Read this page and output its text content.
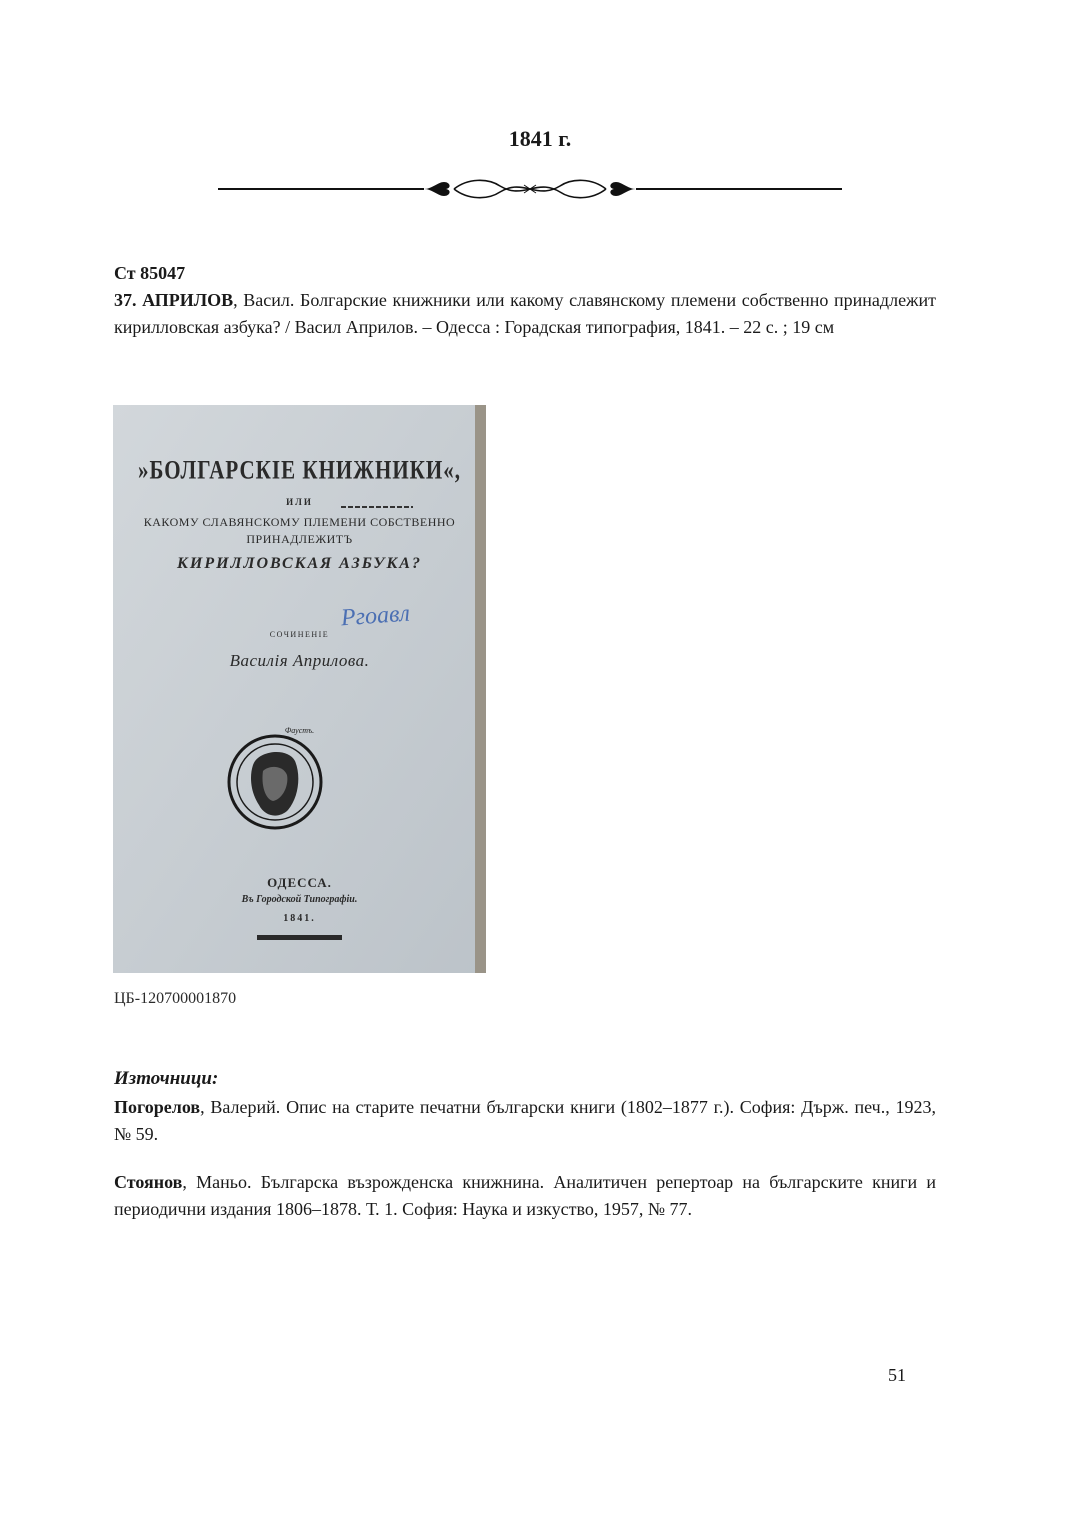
1841 г.
Ст 85047
37. АПРИЛОВ, Васил. Болгарские книжники или какому славянскому племени собственно принадлежит кирилловская азбука? / Васил Априлов. – Одесса : Горадская типография, 1841. – 22 с. ; 19 см
»БОЛГАРСКIЕ КНИЖНИКИ«,
ИЛИ
КАКОМУ СЛАВЯНСКОМУ ПЛЕМЕНИ СОБСТВЕННО
ПРИНАДЛЕЖИТЪ
КИРИЛЛОВСКАЯ АЗБУКА?
Ргоавл
СОЧИНЕНIЕ
Василiя Априлова.
Фаустъ.
ОДЕССА.
Въ Городской Типографiи.
1841.
ЦБ-120700001870
Източници:
Погорелов, Валерий. Опис на старите печатни български книги (1802–1877 г.). София: Държ. печ., 1923, № 59.
Стоянов, Маньо. Българска възрожденска книжнина. Аналитичен репертоар на българските книги и периодични издания 1806–1878. Т. 1. София: Наука и изкуство, 1957, № 77.
51
